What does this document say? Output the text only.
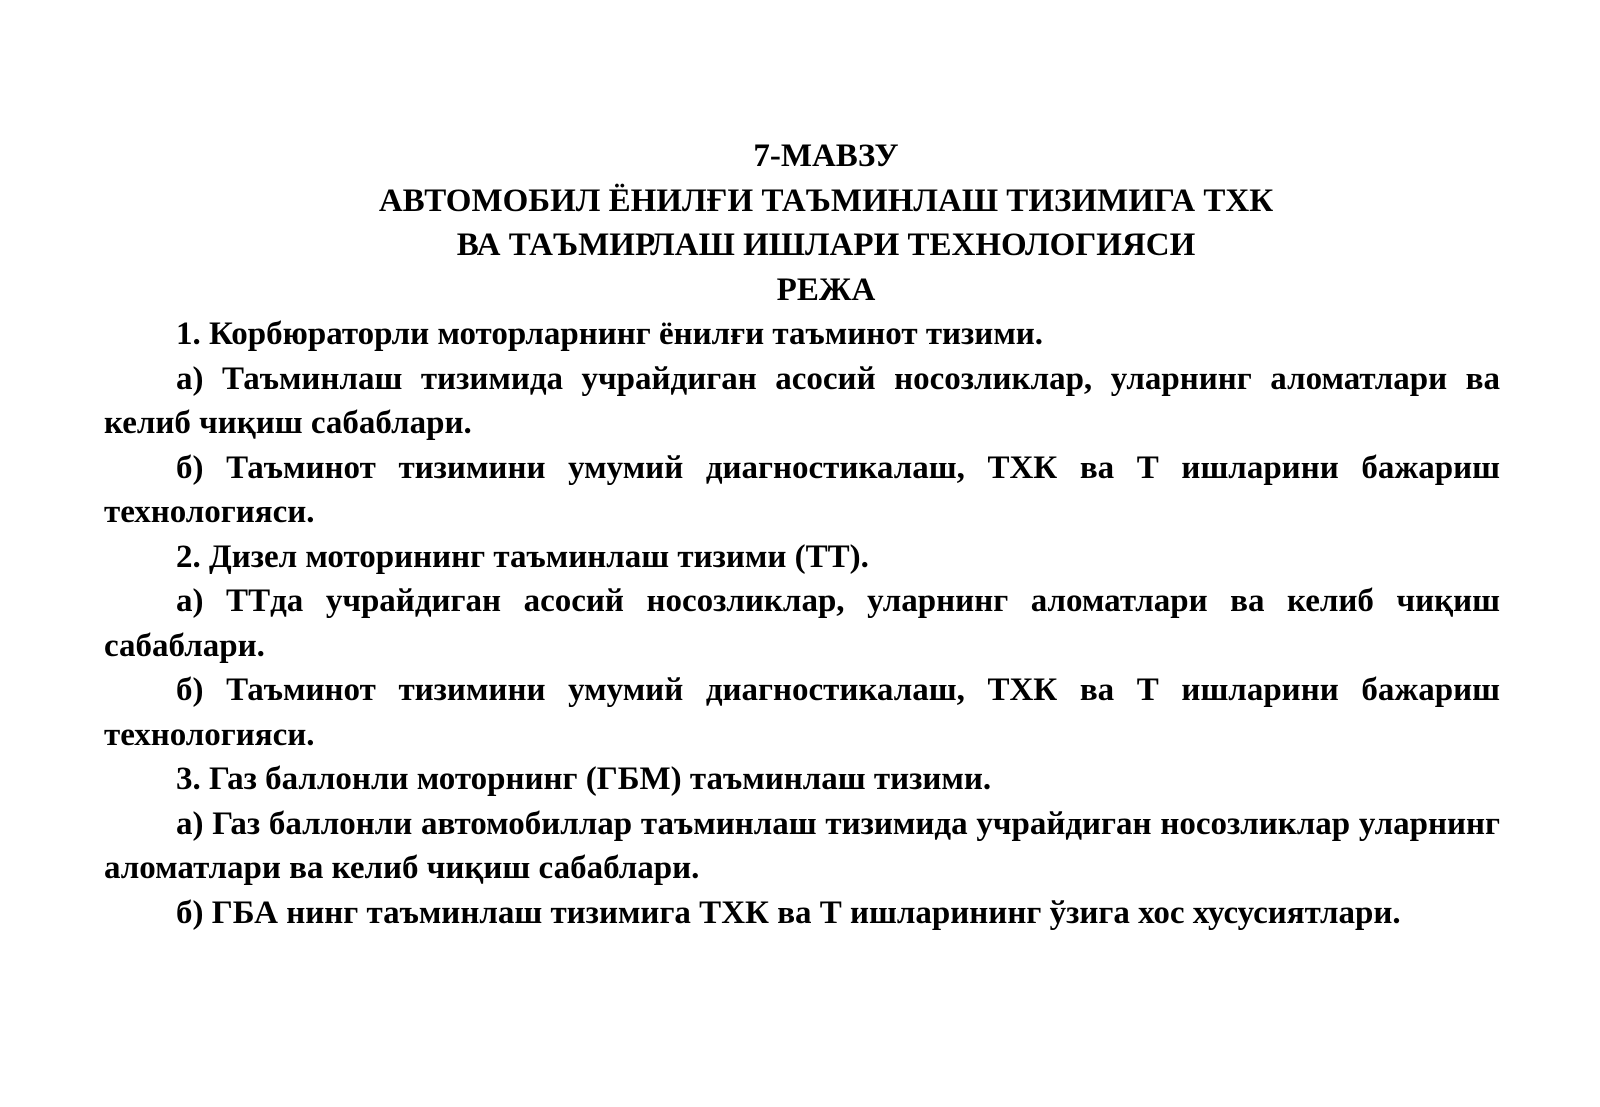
7-МАВЗУ
АВТОМОБИЛ ЁНИЛҒИ ТАЪМИНЛАШ ТИЗИМИГА ТХК
ВА ТАЪМИРЛАШ ИШЛАРИ ТЕХНОЛОГИЯСИ
РЕЖА

1. Корбюраторли моторларнинг ёнилғи таъминот тизими.

а) Таъминлаш тизимида учрайдиган асосий носозликлар, уларнинг аломатлари ва келиб чиқиш сабаблари.

б) Таъминот тизимини умумий диагностикалаш, ТХК ва Т ишларини бажариш технологияси.

2. Дизел моторининг таъминлаш тизими (ТТ).

а) ТТда учрайдиган асосий носозликлар, уларнинг аломатлари ва келиб чиқиш сабаблари.

б) Таъминот тизимини умумий диагностикалаш, ТХК ва Т ишларини бажариш технологияси.

3. Газ баллонли моторнинг (ГБМ) таъминлаш тизими.

а) Газ баллонли автомобиллар таъминлаш тизимида учрайдиган носозликлар уларнинг аломатлари ва келиб чиқиш сабаблари.

б) ГБА нинг таъминлаш тизимига ТХК ва Т ишларининг ўзига хос хусусиятлари.
